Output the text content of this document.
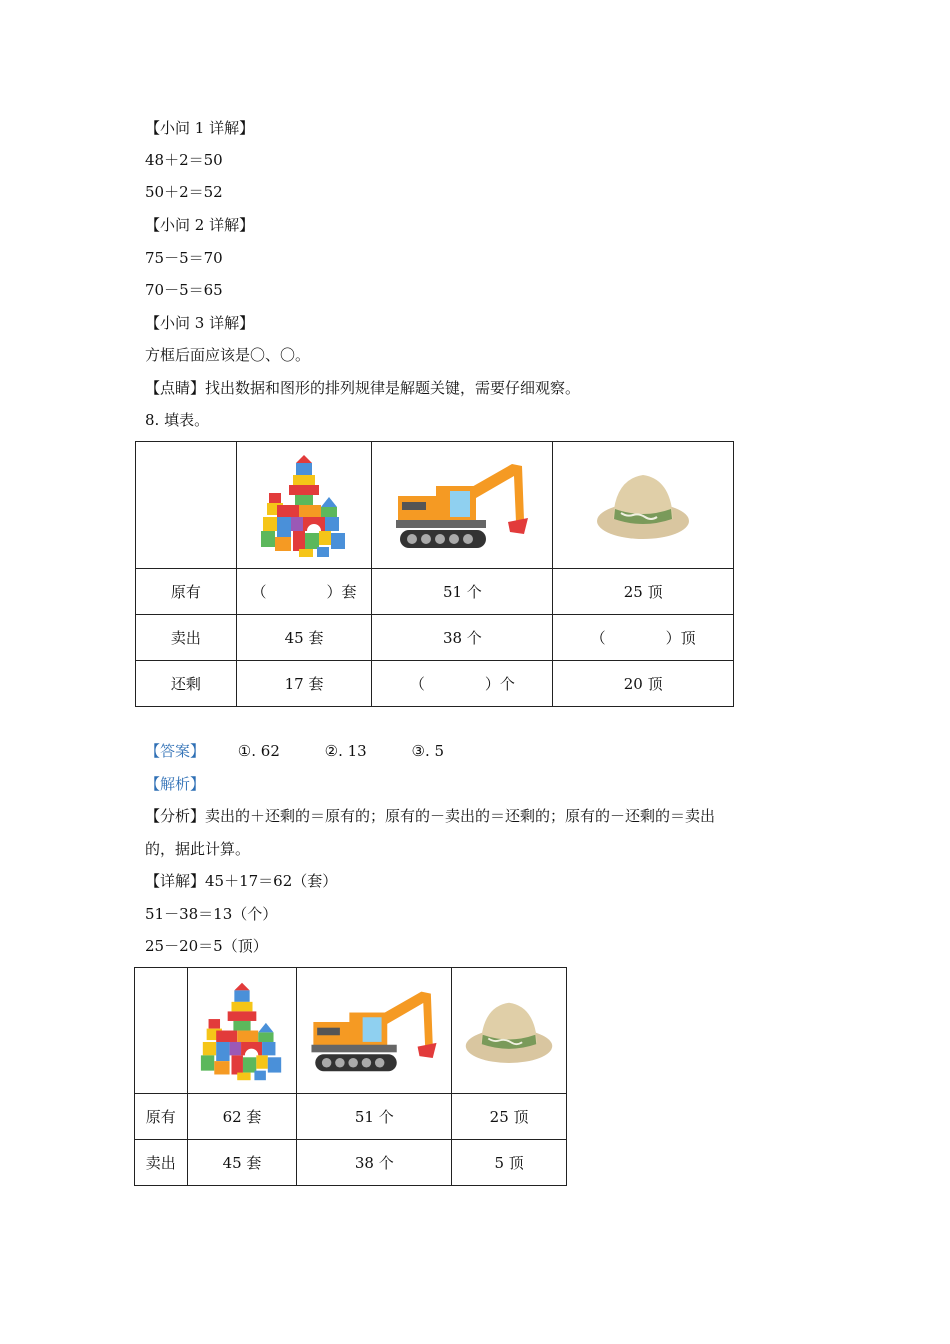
【小问 1 详解】
48＋2＝50
50＋2＝52
【小问 2 详解】
75－5＝70
70－5＝65
【小问 3 详解】
方框后面应该是〇、〇。
【点睛】找出数据和图形的排列规律是解题关键，需要仔细观察。
8. 填表。

原有	（　　　　）套	51 个	25 顶
卖出	45 套	38 个	（　　　　）顶
还剩	17 套	（　　　　）个	20 顶
【答案】 ①. 62	②. 13	③. 5
【解析】
【分析】卖出的＋还剩的＝原有的；原有的－卖出的＝还剩的；原有的－还剩的＝卖出
的，据此计算。
【详解】45＋17＝62（套）
51－38＝13（个）
25－20＝5（顶）

原有	62 套	51 个	25 顶
卖出	45 套	38 个	5 顶
